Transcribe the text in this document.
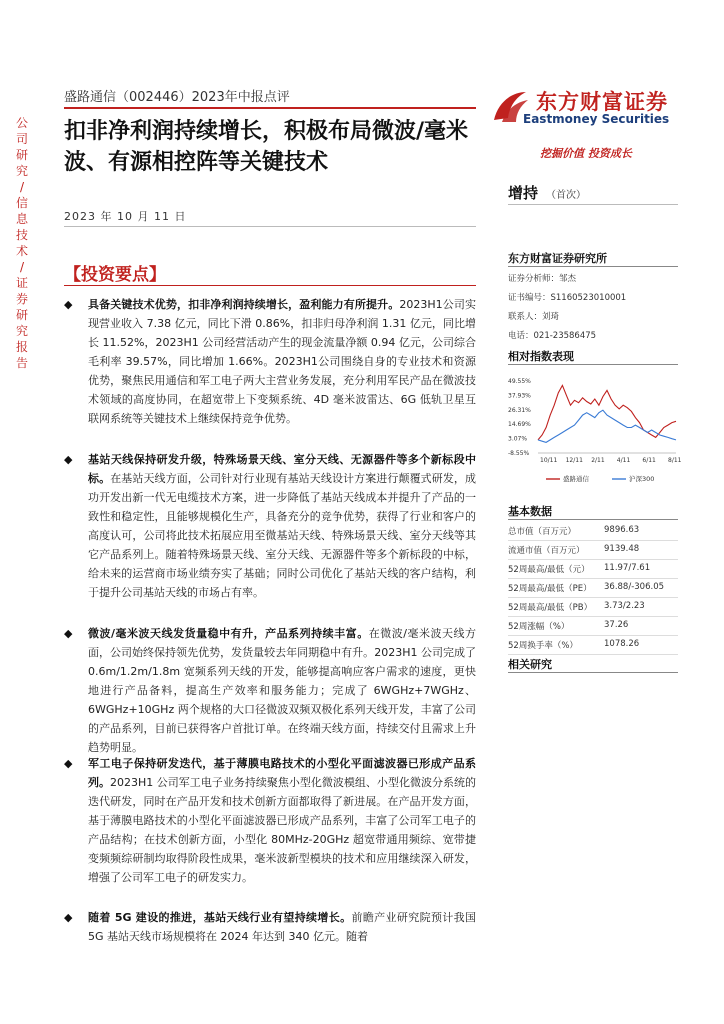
公司研究
/
信息技术
/
证券研究报告
盛路通信（002446）2023年中报点评
扣非净利润持续增长，积极布局微波/毫米波、有源相控阵等关键技术
2023 年 10 月 11 日
【投资要点】
东方财富证券
Eastmoney Securities
挖掘价值 投资成长
增持 （首次）
东方财富证券研究所
证券分析师：邹杰
证书编号：S1160523010001
联系人：刘琦
电话：021-23586475
相对指数表现
49.55%
37.93%
26.31%
14.69%
3.07%
-8.55%
10/11 12/11 2/11 4/11 6/11 8/11
盛路通信	沪深300
基本数据
总市值（百万元）	9896.63
流通市值（百万元） 9139.48
52周最高/最低（元） 11.97/7.61
52周最高/最低（PE） 36.88/-306.05
52周最高/最低（PB） 3.73/2.23
52周涨幅（%）	37.26
52周换手率（%）	1078.26
相关研究
◆ 具备关键技术优势，扣非净利润持续增长，盈利能力有所提升。2023H1公司实现营业收入 7.38 亿元，同比下滑 0.86%，扣非归母净利润 1.31 亿元，同比增长 11.52%，2023H1 公司经营活动产生的现金流量净额 0.94 亿元，公司综合毛利率 39.57%，同比增加 1.66%。2023H1公司围绕自身的专业技术和资源优势，聚焦民用通信和军工电子两大主营业务发展，充分利用军民产品在微波技术领域的高度协同，在超宽带上下变频系统、4D 毫米波雷达、6G 低轨卫星互联网系统等关键技术上继续保持竞争优势。
◆ 基站天线保持研发升级，特殊场景天线、室分天线、无源器件等多个新标段中标。在基站天线方面，公司针对行业现有基站天线设计方案进行颠覆式研发，成功开发出新一代无电缆技术方案，进一步降低了基站天线成本并提升了产品的一致性和稳定性，且能够规模化生产，具备充分的竞争优势，获得了行业和客户的高度认可，公司将此技术拓展应用至微基站天线、特殊场景天线、室分天线等其它产品系列上。随着特殊场景天线、室分天线、无源器件等多个新标段的中标，给未来的运营商市场业绩夯实了基础；同时公司优化了基站天线的客户结构，利于提升公司基站天线的市场占有率。
◆ 微波/毫米波天线发货量稳中有升，产品系列持续丰富。在微波/毫米波天线方面，公司始终保持领先优势，发货量较去年同期稳中有升。2023H1 公司完成了 0.6m/1.2m/1.8m 宽频系列天线的开发，能够提高响应客户需求的速度，更快地进行产品备料，提高生产效率和服务能力；完成了 6WGHz+7WGHz、6WGHz+10GHz 两个规格的大口径微波双频双极化系列天线开发，丰富了公司的产品系列，目前已获得客户首批订单。在终端天线方面，持续交付且需求上升趋势明显。
◆ 军工电子保持研发迭代，基于薄膜电路技术的小型化平面滤波器已形成产品系列。2023H1 公司军工电子业务持续聚焦小型化微波模组、小型化微波分系统的迭代研发，同时在产品开发和技术创新方面都取得了新进展。在产品开发方面，基于薄膜电路技术的小型化平面滤波器已形成产品系列，丰富了公司军工电子的产品结构；在技术创新方面，小型化 80MHz-20GHz 超宽带通用频综、宽带捷变频频综研制均取得阶段性成果，毫米波新型模块的技术和应用继续深入研发，增强了公司军工电子的研发实力。
◆ 随着 5G 建设的推进，基站天线行业有望持续增长。前瞻产业研究院预计我国 5G 基站天线市场规模将在 2024 年达到 340 亿元。随着
